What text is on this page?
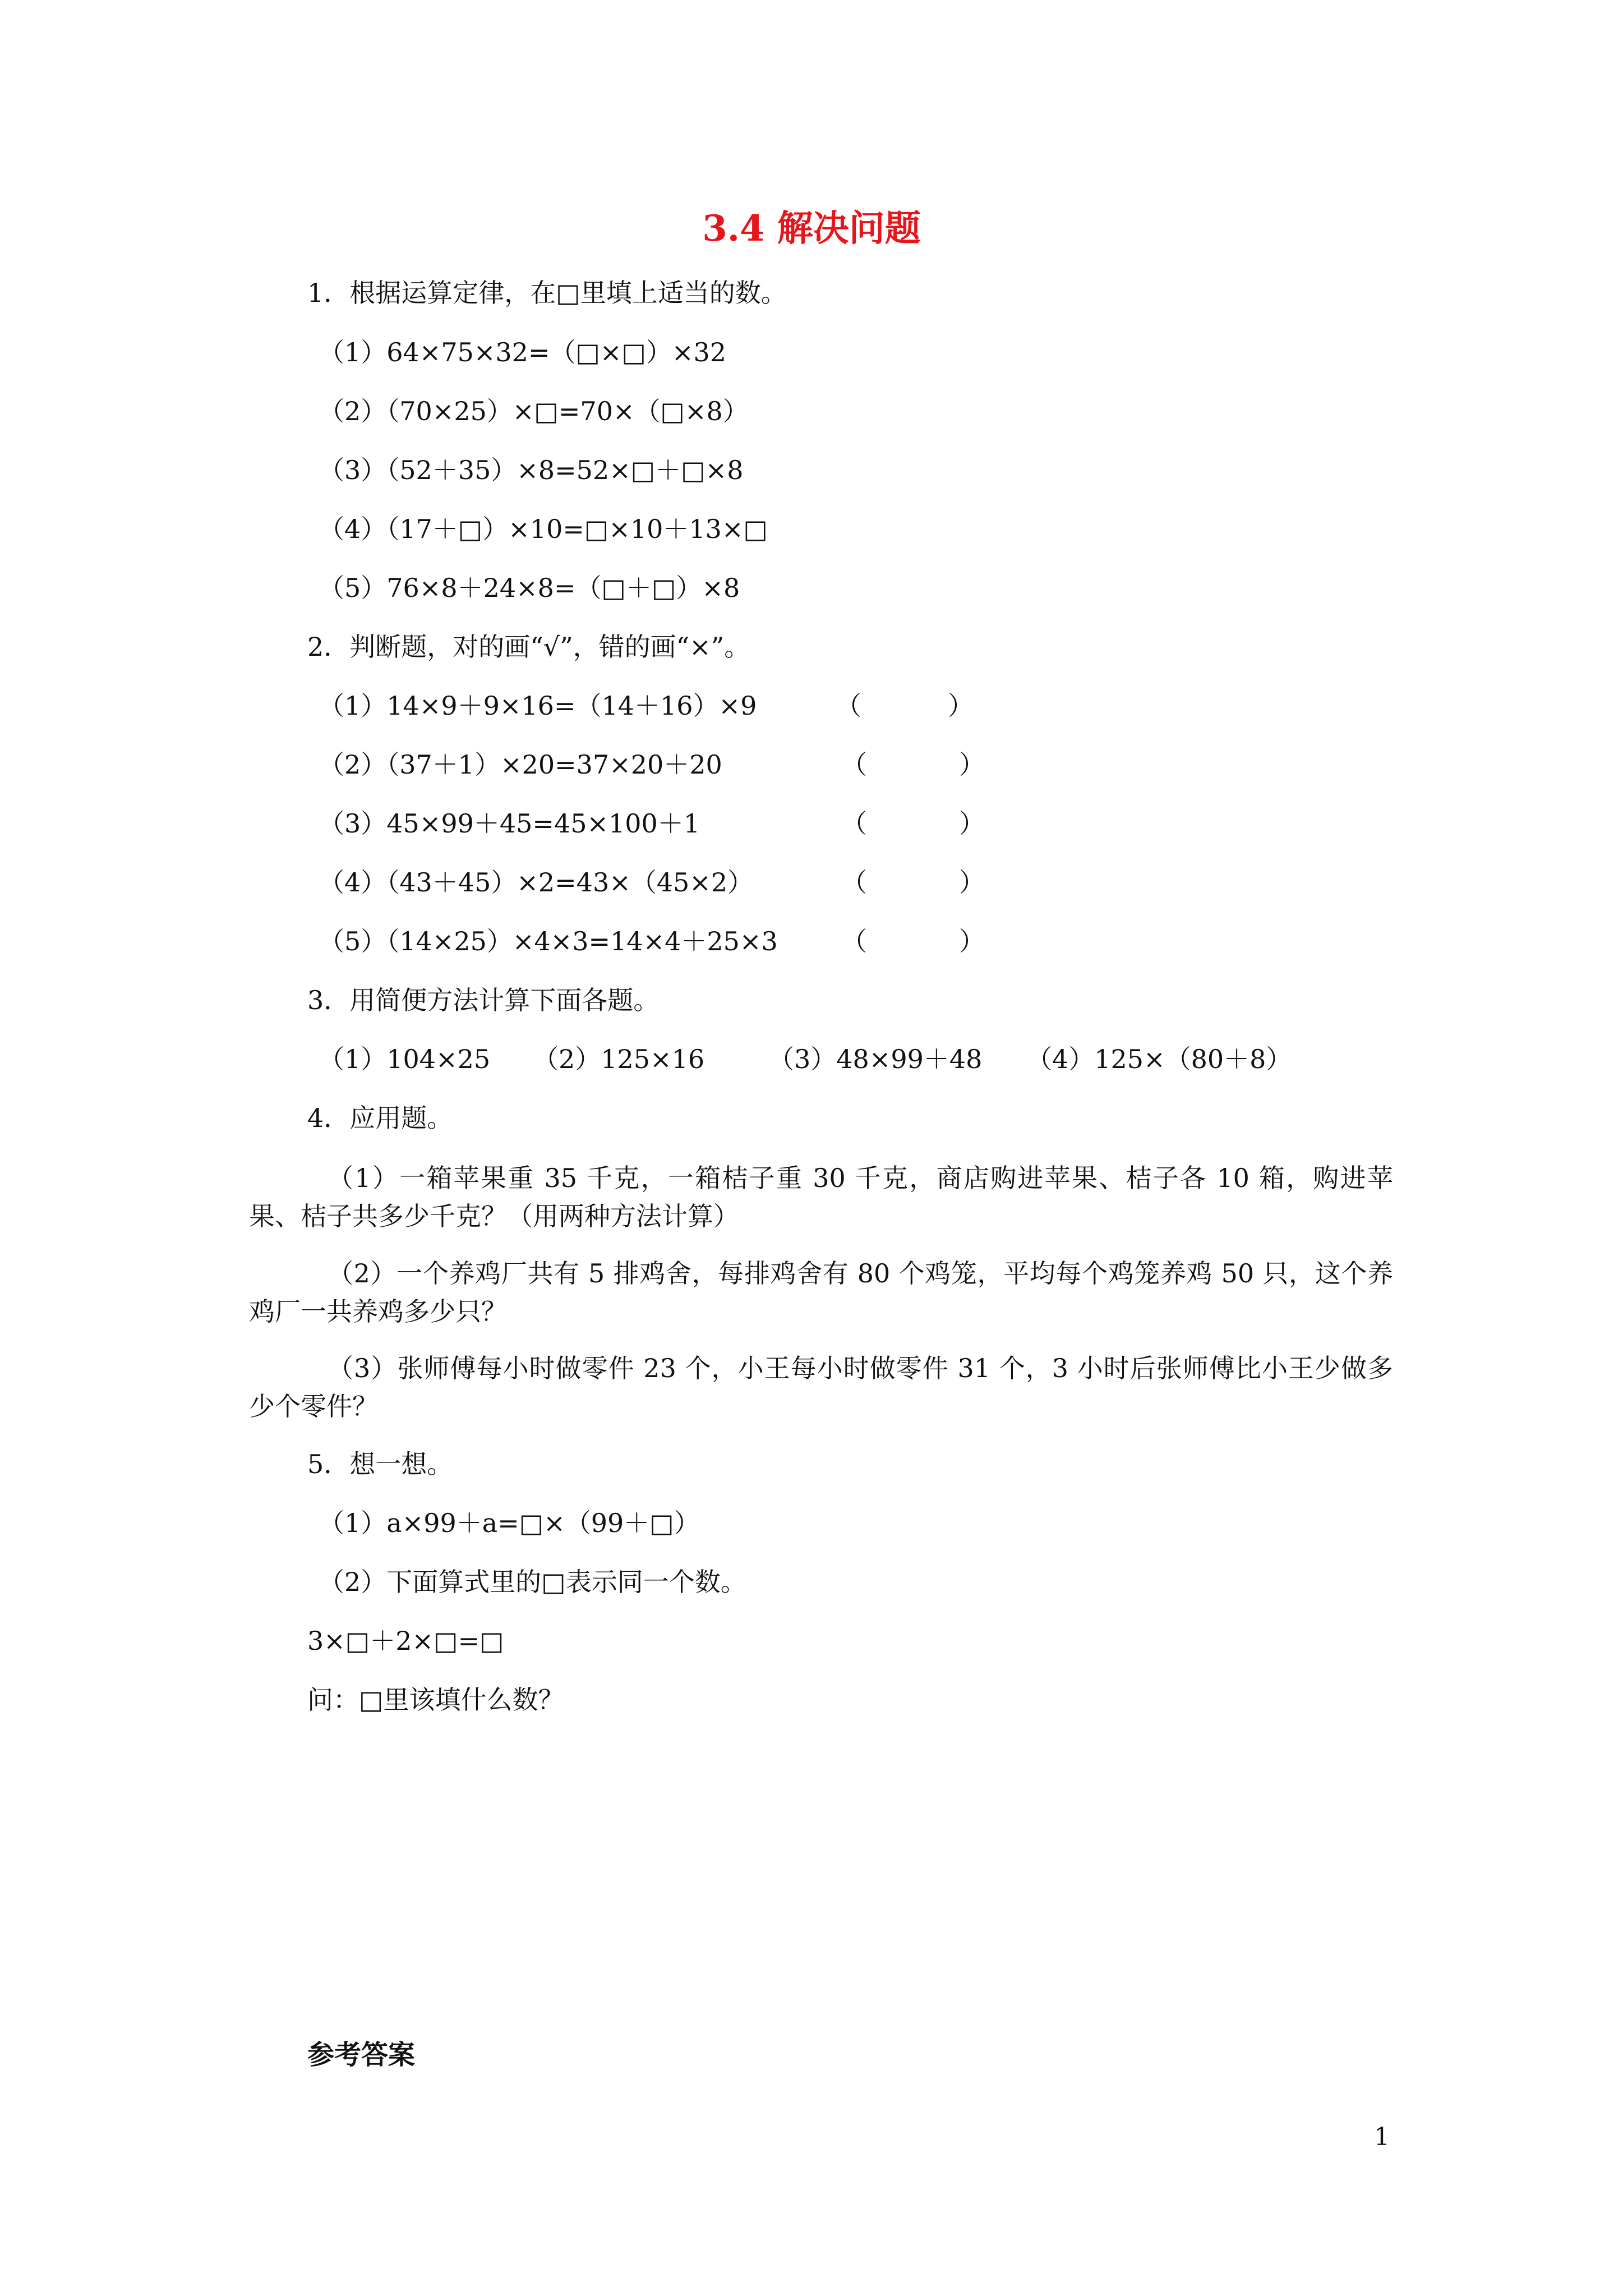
3.4 解决问题

1．根据运算定律，在□里填上适当的数。

（1）64×75×32=（□×□）×32

（2）（70×25）×□=70×（□×8）

（3）（52＋35）×8=52×□＋□×8

（4）（17＋□）×10=□×10＋13×□

（5）76×8＋24×8=（□＋□）×8

2．判断题，对的画“√”，错的画“×”。

（1）14×9＋9×16=（14＋16）×9	（	）
（2）（37＋1）×20=37×20＋20	（	）
（3）45×99＋45=45×100＋1	（	）
（4）（43＋45）×2=43×（45×2）	（	）
（5）（14×25）×4×3=14×4＋25×3 （	）

3．用简便方法计算下面各题。

（1）104×25 （2）125×16 （3）48×99＋48 （4）125×（80＋8）

4．应用题。

（1）一箱苹果重 35 千克，一箱桔子重 30 千克，商店购进苹果、桔子各 10 箱，购进苹果、桔子共多少千克？（用两种方法计算）

（2）一个养鸡厂共有 5 排鸡舍，每排鸡舍有 80 个鸡笼，平均每个鸡笼养鸡 50 只，这个养鸡厂一共养鸡多少只？

（3）张师傅每小时做零件 23 个，小王每小时做零件 31 个，3 小时后张师傅比小王少做多少个零件？

5．想一想。

（1）a×99＋a=□×（99＋□）

（2）下面算式里的□表示同一个数。

3×□＋2×□=□

问：□里该填什么数？

参考答案

1
